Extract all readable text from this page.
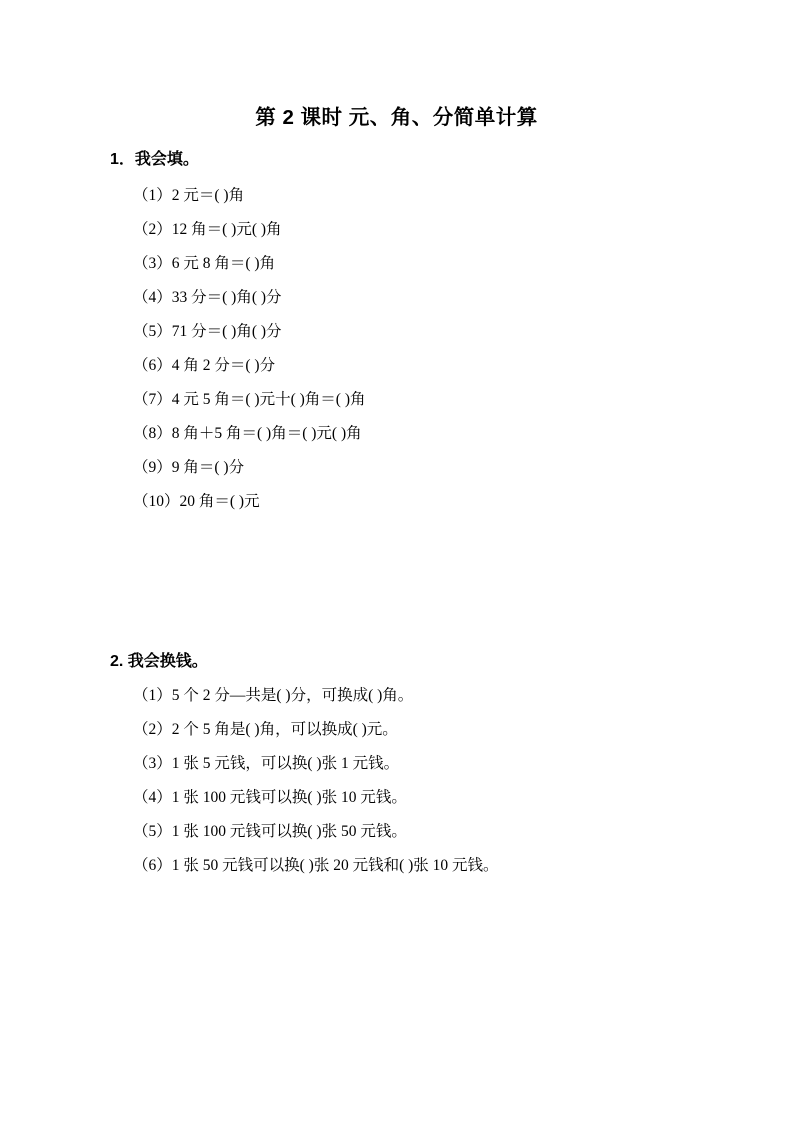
第 2 课时 元、角、分简单计算
1．我会填。
（1）2 元＝( )角
（2）12 角＝( )元( )角
（3）6 元 8 角＝( )角
（4）33 分＝( )角( )分
（5）71 分＝( )角( )分
（6）4 角 2 分＝( )分
（7）4 元 5 角＝( )元十( )角＝( )角
（8）8 角＋5 角＝( )角＝( )元( )角
（9）9 角＝( )分
（10）20 角＝( )元
2. 我会换钱。
（1）5 个 2 分—共是( )分，可换成( )角。
（2）2 个 5 角是( )角，可以换成( )元。
（3）1 张 5 元钱，可以换( )张 1 元钱。
（4）1 张 100 元钱可以换( )张 10 元钱。
（5）1 张 100 元钱可以换( )张 50 元钱。
（6）1 张 50 元钱可以换( )张 20 元钱和( )张 10 元钱。
